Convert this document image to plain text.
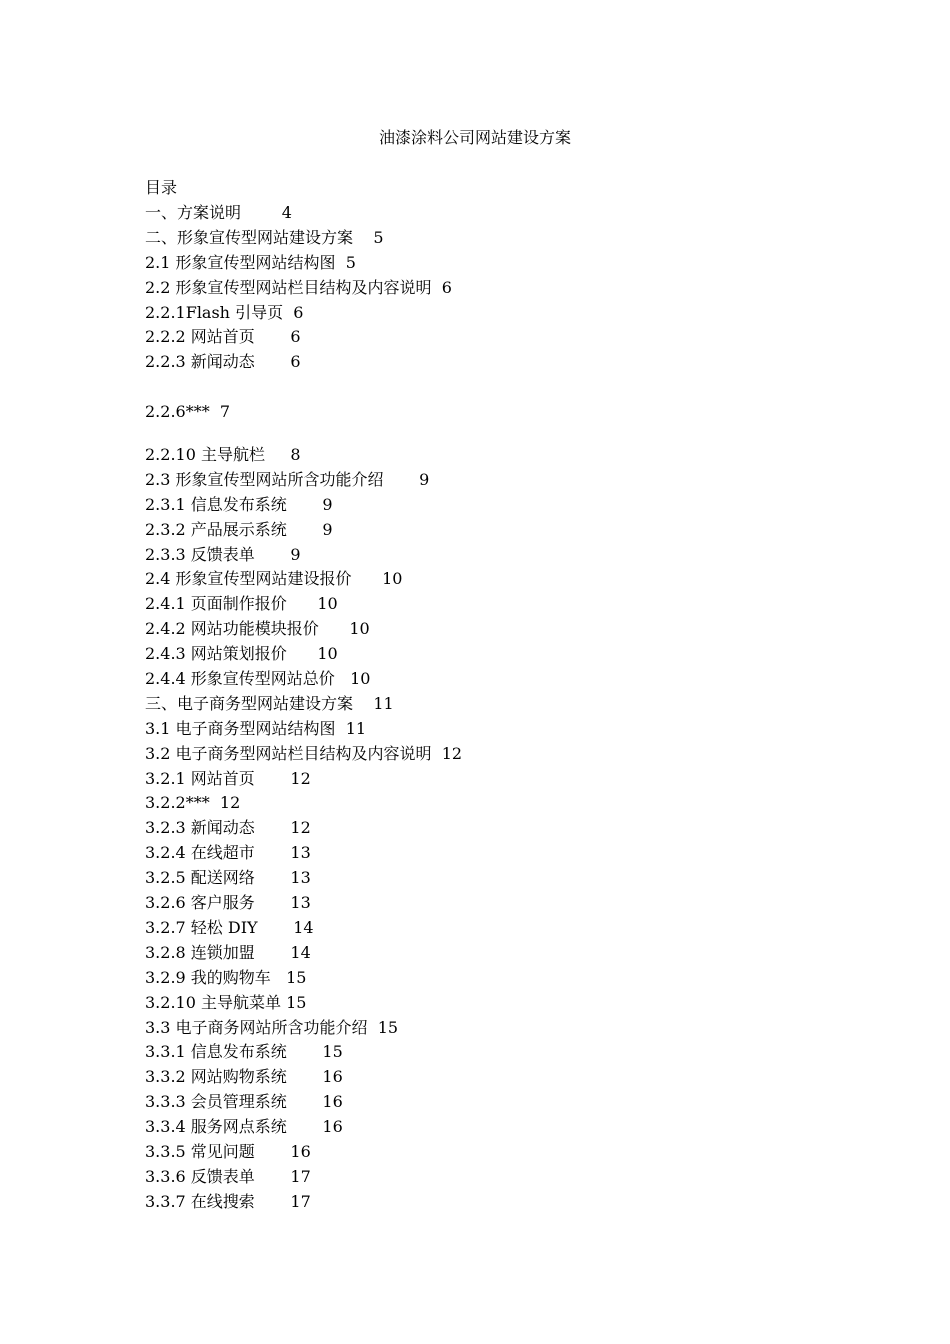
油漆涂料公司网站建设方案
目录
一、方案说明	4
二、形象宣传型网站建设方案 5
2.1 形象宣传型网站结构图 5
2.2 形象宣传型网站栏目结构及内容说明 6
2.2.1Flash 引导页 6
2.2.2 网站首页 6
2.2.3 新闻动态 6
2.2.6*** 7
2.2.10 主导航栏 8
2.3 形象宣传型网站所含功能介绍 9
2.3.1 信息发布系统 9
2.3.2 产品展示系统 9
2.3.3 反馈表单 9
2.4 形象宣传型网站建设报价 10
2.4.1 页面制作报价 10
2.4.2 网站功能模块报价 10
2.4.3 网站策划报价 10
2.4.4 形象宣传型网站总价 10
三、电子商务型网站建设方案 11
3.1 电子商务型网站结构图 11
3.2 电子商务型网站栏目结构及内容说明 12
3.2.1 网站首页 12
3.2.2*** 12
3.2.3 新闻动态 12
3.2.4 在线超市 13
3.2.5 配送网络 13
3.2.6 客户服务 13
3.2.7 轻松 DIY 14
3.2.8 连锁加盟 14
3.2.9 我的购物车 15
3.2.10 主导航菜单 15
3.3 电子商务网站所含功能介绍 15
3.3.1 信息发布系统 15
3.3.2 网站购物系统 16
3.3.3 会员管理系统 16
3.3.4 服务网点系统 16
3.3.5 常见问题 16
3.3.6 反馈表单 17
3.3.7 在线搜索 17
